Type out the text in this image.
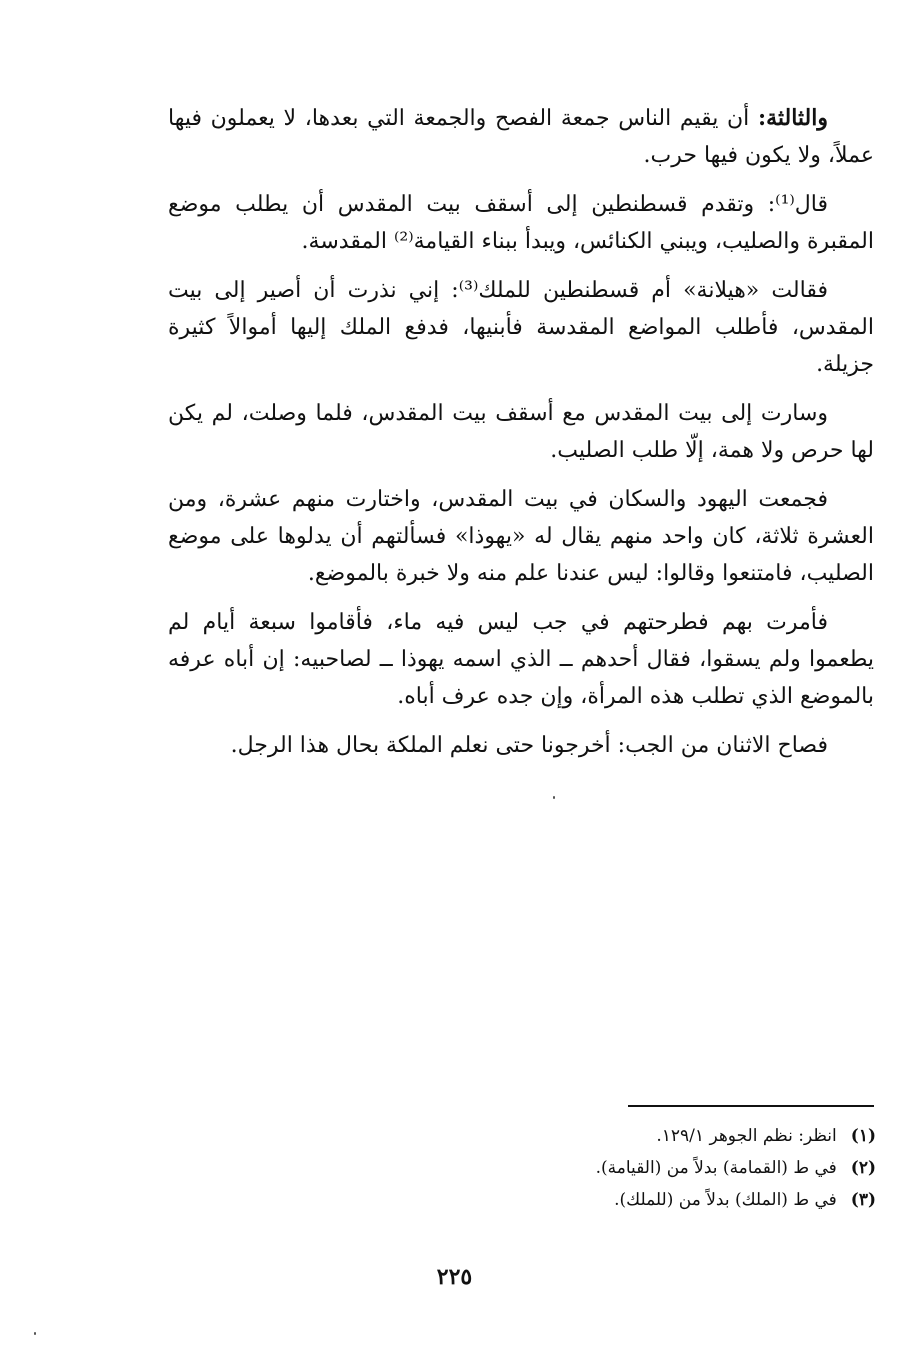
والثالثة: أن يقيم الناس جمعة الفصح والجمعة التي بعدها، لا يعملون فيها عملاً، ولا يكون فيها حرب.

قال⁽¹⁾: وتقدم قسطنطين إلى أسقف بيت المقدس أن يطلب موضع المقبرة والصليب، ويبني الكنائس، ويبدأ ببناء القيامة⁽²⁾ المقدسة.

فقالت «هيلانة» أم قسطنطين للملك⁽³⁾: إني نذرت أن أصير إلى بيت المقدس، فأطلب المواضع المقدسة فأبنيها، فدفع الملك إليها أموالاً كثيرة جزيلة.

وسارت إلى بيت المقدس مع أسقف بيت المقدس، فلما وصلت، لم يكن لها حرص ولا همة، إلّا طلب الصليب.

فجمعت اليهود والسكان في بيت المقدس، واختارت منهم عشرة، ومن العشرة ثلاثة، كان واحد منهم يقال له «يهوذا» فسألتهم أن يدلوها على موضع الصليب، فامتنعوا وقالوا: ليس عندنا علم منه ولا خبرة بالموضع.

فأمرت بهم فطرحتهم في جب ليس فيه ماء، فأقاموا سبعة أيام لم يطعموا ولم يسقوا، فقال أحدهم ــ الذي اسمه يهوذا ــ لصاحبيه: إن أباه عرفه بالموضع الذي تطلب هذه المرأة، وإن جده عرف أباه.

فصاح الاثنان من الجب: أخرجونا حتى نعلم الملكة بحال هذا الرجل.

(١)انظر: نظم الجوهر ١٢٩/١.
(٢)في ط (القمامة) بدلاً من (القيامة).
(٣)في ط (الملك) بدلاً من (للملك).
٢٢٥
